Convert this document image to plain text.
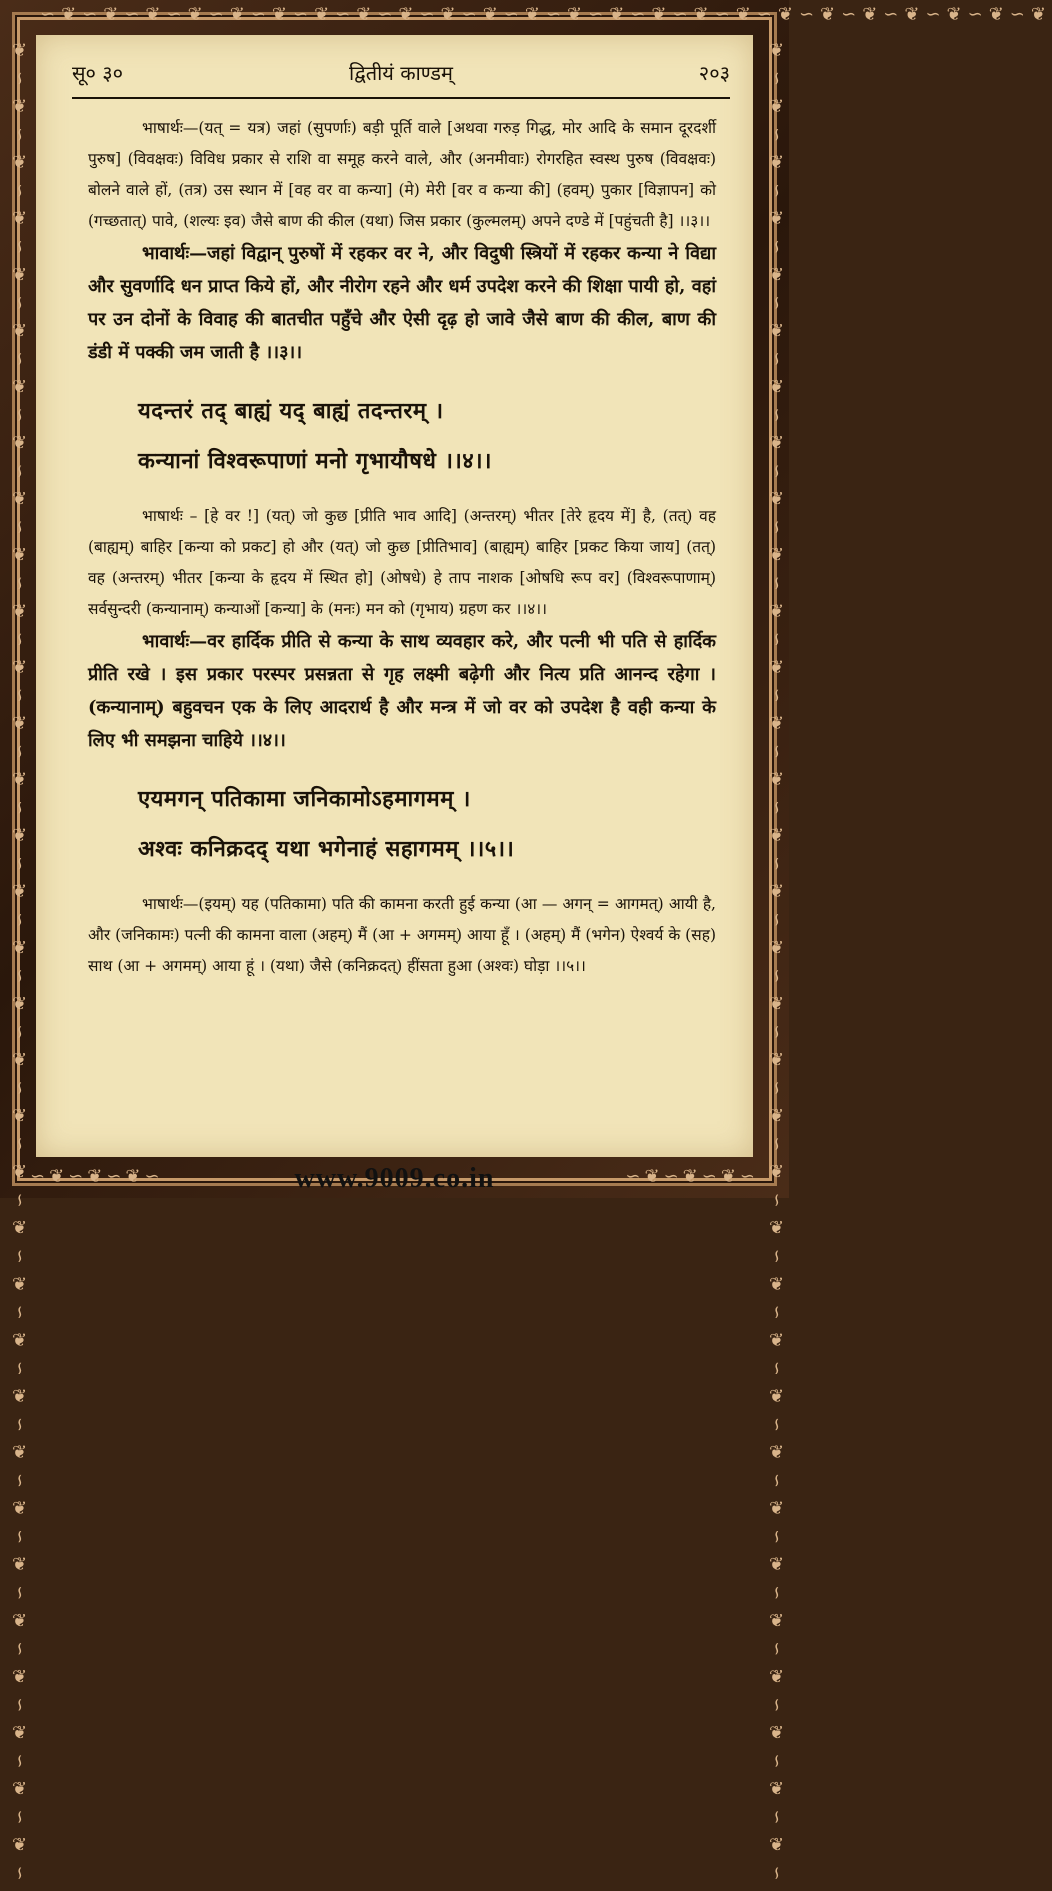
∽❦∽❦∽❦∽❦∽❦∽❦∽❦∽❦∽❦∽❦∽❦∽❦∽❦∽❦∽❦∽❦∽❦∽❦∽❦∽❦∽❦∽❦∽❦∽❦
❦∽❦∽❦∽❦∽❦∽❦∽❦∽❦∽❦∽❦∽❦∽❦∽❦∽❦∽❦∽❦∽❦∽❦∽❦∽❦∽❦∽❦∽❦∽❦∽❦∽❦∽❦∽❦∽❦∽❦∽❦∽❦∽❦∽	❦∽❦∽❦∽❦∽❦∽❦∽❦∽❦∽❦∽❦∽❦∽❦∽❦∽❦∽❦∽❦∽❦∽❦∽❦∽❦∽❦∽❦∽❦∽❦∽❦∽❦∽❦∽❦∽❦∽❦∽❦∽❦∽❦∽
सू० ३०	द्वितीयं काण्डम्	२०३

भाषार्थः—(यत् = यत्र) जहां (सुपर्णाः) बड़ी पूर्ति वाले [अथवा गरुड़ गिद्ध, मोर आदि के समान दूरदर्शी पुरुष] (विवक्षवः) विविध प्रकार से राशि वा समूह करने वाले, और (अनमीवाः) रोगरहित स्वस्थ पुरुष (विवक्षवः) बोलने वाले हों, (तत्र) उस स्थान में [वह वर वा कन्या] (मे) मेरी [वर व कन्या की] (हवम्) पुकार [विज्ञापन] को (गच्छतात्) पावे, (शल्यः इव) जैसे बाण की कील (यथा) जिस प्रकार (कुल्मलम्) अपने दण्डे में [पहुंचती है] ।।३।।

भावार्थः—जहां विद्वान् पुरुषों में रहकर वर ने, और विदुषी स्त्रियों में रहकर कन्या ने विद्या और सुवर्णादि धन प्राप्त किये हों, और नीरोग रहने और धर्म उपदेश करने की शिक्षा पायी हो, वहां पर उन दोनों के विवाह की बातचीत पहुँचे और ऐसी दृढ़ हो जावे जैसे बाण की कील, बाण की डंडी में पक्की जम जाती है ।।३।।

यदन्तरं तद् बाह्यं यद् बाह्यं तदन्तरम् ।

कन्यानां विश्वरूपाणां मनो गृभायौषधे ।।४।।

भाषार्थः – [हे वर !] (यत्) जो कुछ [प्रीति भाव आदि] (अन्तरम्) भीतर [तेरे हृदय में] है, (तत्) वह (बाह्यम्) बाहिर [कन्या को प्रकट] हो और (यत्) जो कुछ [प्रीतिभाव] (बाह्यम्) बाहिर [प्रकट किया जाय] (तत्) वह (अन्तरम्) भीतर [कन्या के हृदय में स्थित हो] (ओषधे) हे ताप नाशक [ओषधि रूप वर] (विश्वरूपाणाम्) सर्वसुन्दरी (कन्यानाम्) कन्याओं [कन्या] के (मनः) मन को (गृभाय) ग्रहण कर ।।४।।

भावार्थः—वर हार्दिक प्रीति से कन्या के साथ व्यवहार करे, और पत्नी भी पति से हार्दिक प्रीति रखे । इस प्रकार परस्पर प्रसन्नता से गृह लक्ष्मी बढ़ेगी और नित्य प्रति आनन्द रहेगा । (कन्यानाम्) बहुवचन एक के लिए आदरार्थ है और मन्त्र में जो वर को उपदेश है वही कन्या के लिए भी समझना चाहिये ।।४।।

एयमगन् पतिकामा जनिकामोऽहमागमम् ।

अश्वः कनिक्रदद् यथा भगेनाहं सहागमम् ।।५।।

भाषार्थः—(इयम्) यह (पतिकामा) पति की कामना करती हुई कन्या (आ — अगन् = आगमत्) आयी है, और (जनिकामः) पत्नी की कामना वाला (अहम्) मैं (आ + अगमम्) आया हूँ । (अहम्) मैं (भगेन) ऐश्वर्य के (सह) साथ (आ + अगमम्) आया हूं । (यथा) जैसे (कनिक्रदत्) हींसता हुआ (अश्वः) घोड़ा ।।५।।

∽❦∽❦∽❦∽	www.9009.co.in	∽❦∽❦∽❦∽
